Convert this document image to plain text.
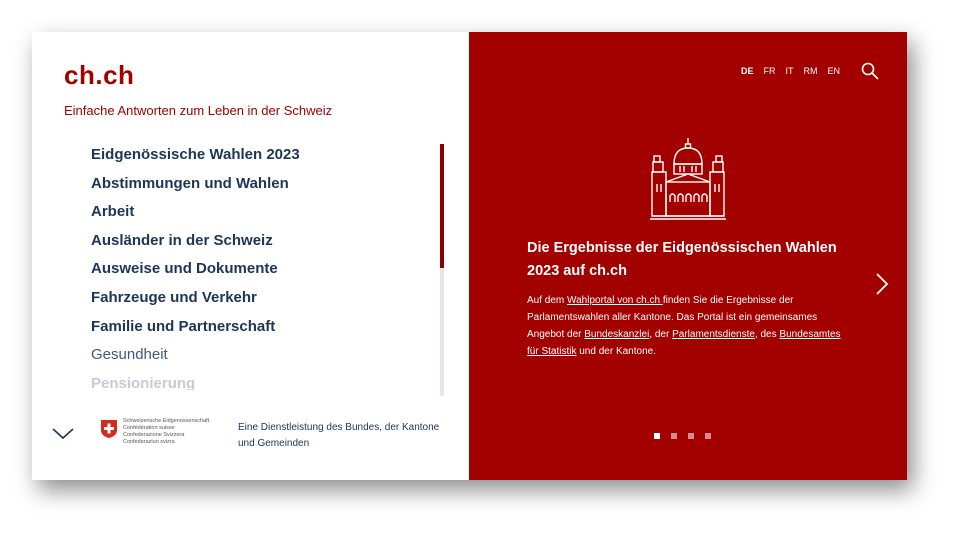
ch.ch
Einfache Antworten zum Leben in der Schweiz
Eidgenössische Wahlen 2023
Abstimmungen und Wahlen
Arbeit
Ausländer in der Schweiz
Ausweise und Dokumente
Fahrzeuge und Verkehr
Familie und Partnerschaft
Gesundheit
Pensionierung
Schweizerische Eidgenossenschaft
Confédération suisse
Confederazione Svizzera
Confederaziun svizra
Eine Dienstleistung des Bundes, der Kantone und Gemeinden
DE FR IT RM EN
Die Ergebnisse der Eidgenössischen Wahlen 2023 auf ch.ch
Auf dem Wahlportal von ch.ch finden Sie die Ergebnisse der Parlamentswahlen aller Kantone. Das Portal ist ein gemeinsames Angebot der Bundeskanzlei, der Parlamentsdienste, des Bundesamtes für Statistik und der Kantone.
